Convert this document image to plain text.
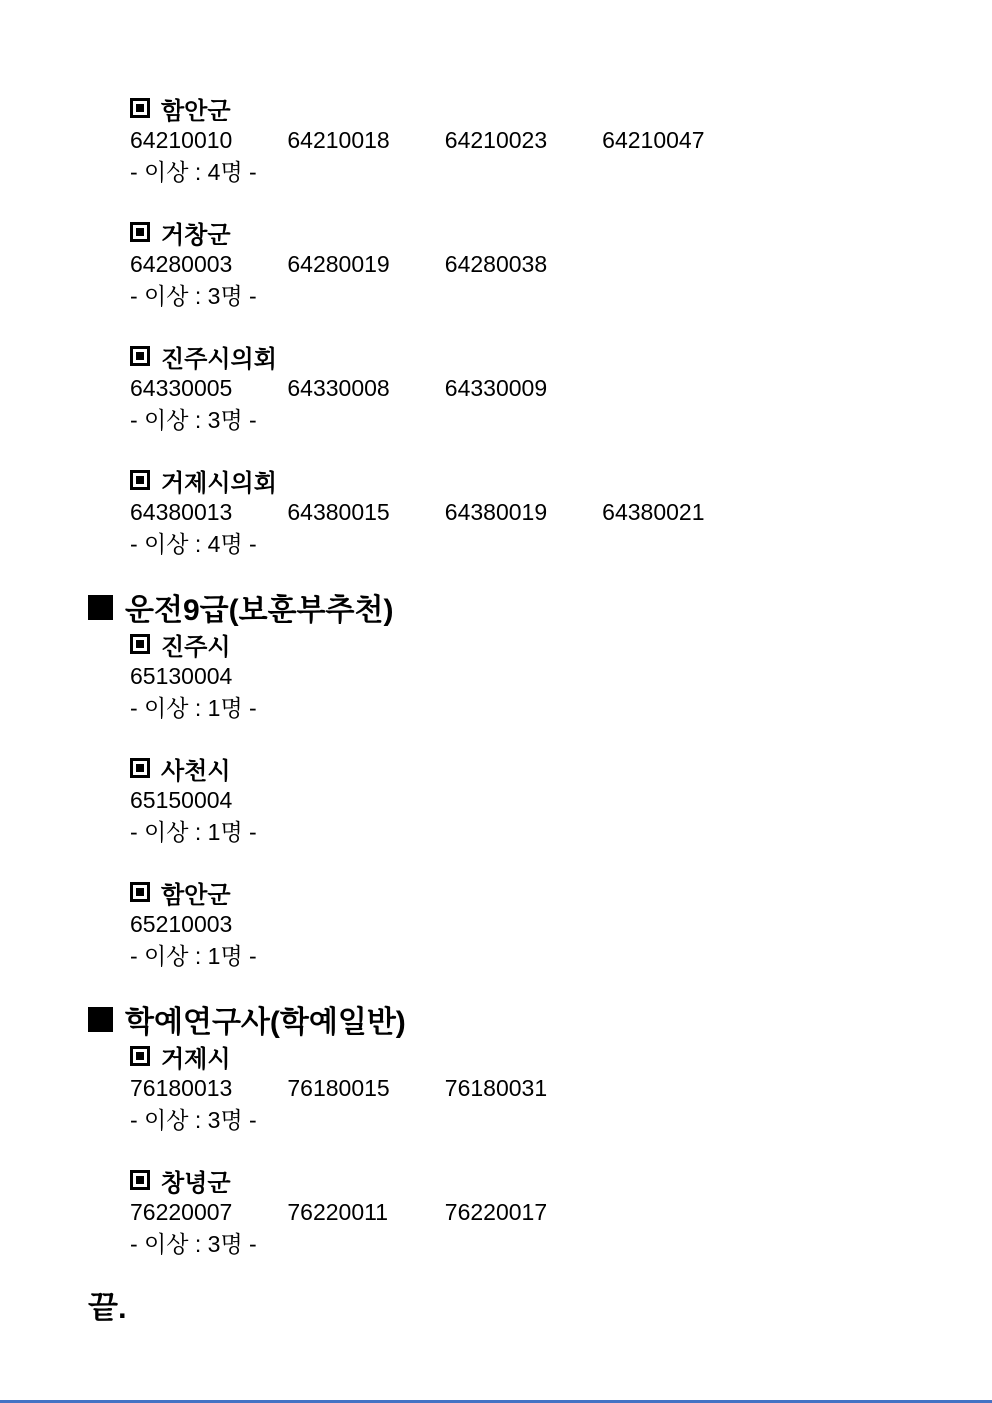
함안군
64210010 64210018 64210023 64210047
- 이상 : 4명 -
거창군
64280003 64280019 64280038
- 이상 : 3명 -
진주시의회
64330005 64330008 64330009
- 이상 : 3명 -
거제시의회
64380013 64380015 64380019 64380021
- 이상 : 4명 -
운전9급(보훈부추천)
진주시
65130004
- 이상 : 1명 -
사천시
65150004
- 이상 : 1명 -
함안군
65210003
- 이상 : 1명 -
학예연구사(학예일반)
거제시
76180013 76180015 76180031
- 이상 : 3명 -
창녕군
76220007 76220011 76220017
- 이상 : 3명 -
끝.
